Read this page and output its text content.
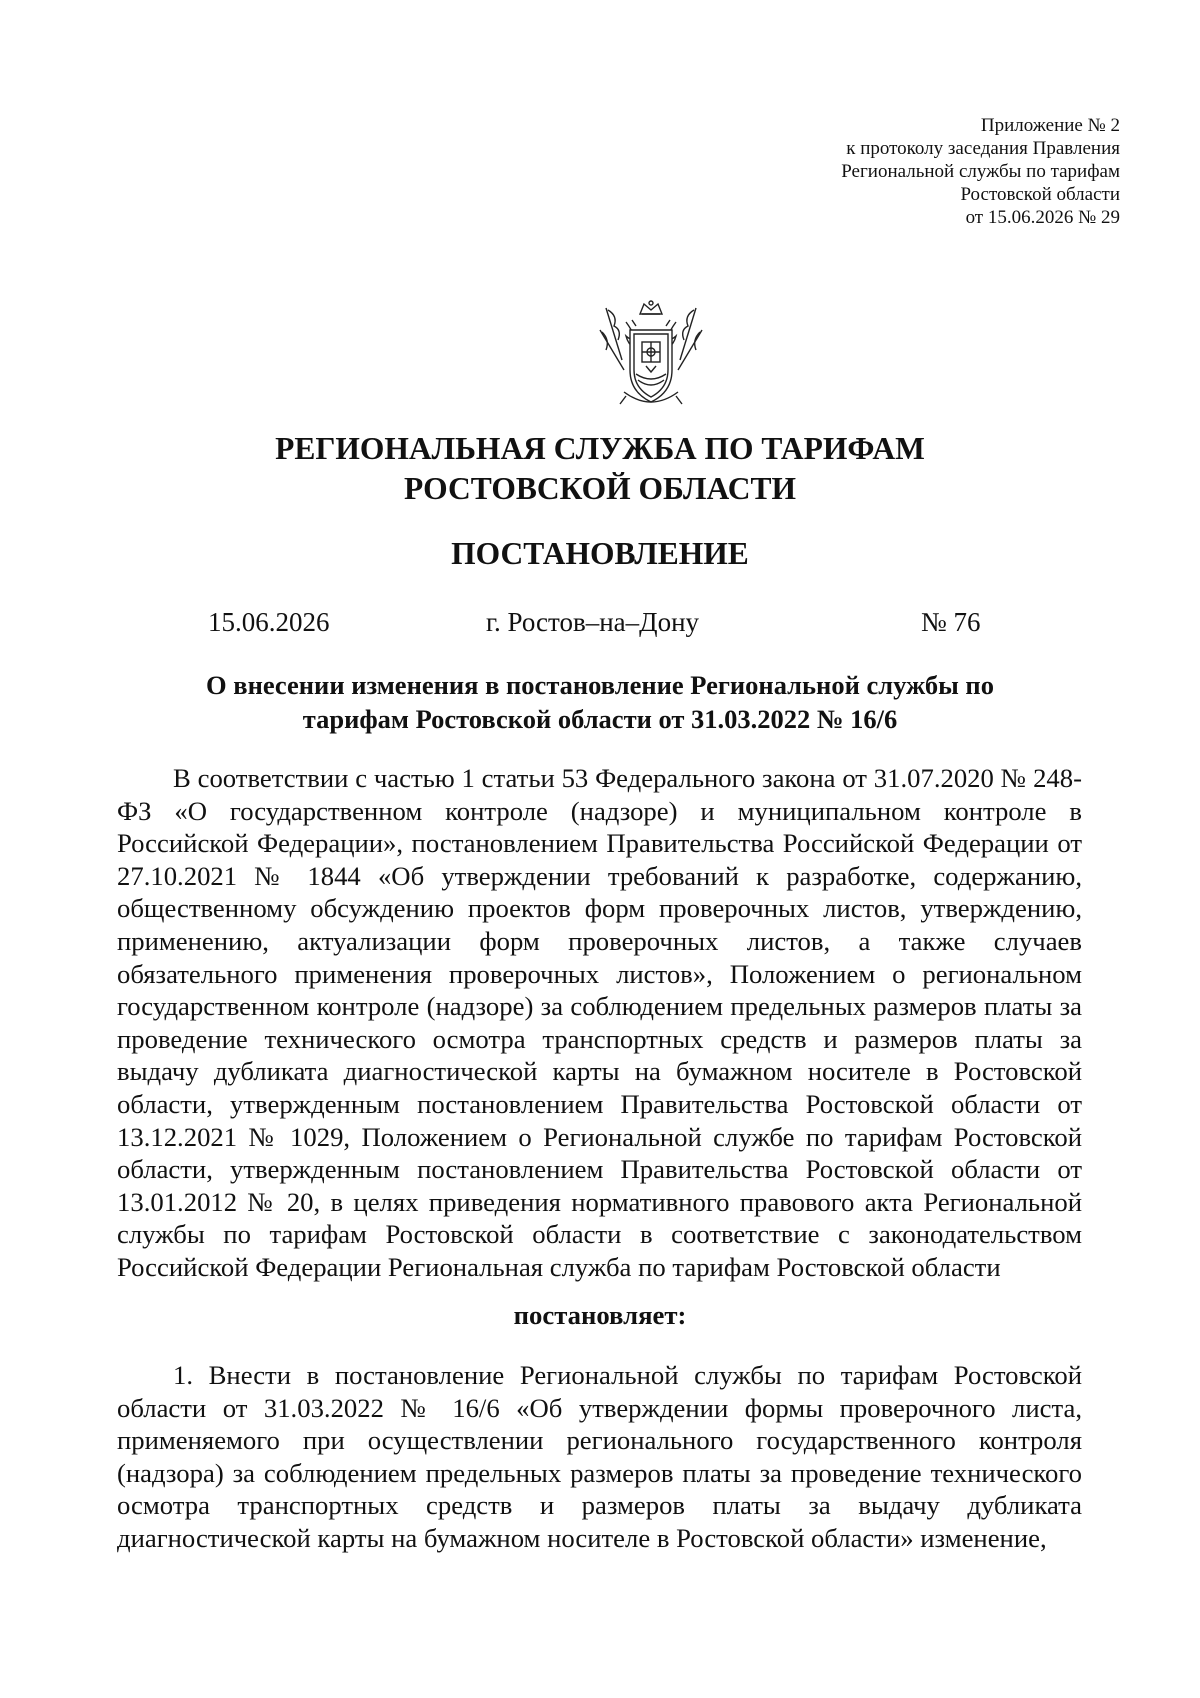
Приложение № 2
к протоколу заседания Правления
Региональной службы по тарифам
Ростовской области
от 15.06.2026 № 29
РЕГИОНАЛЬНАЯ СЛУЖБА ПО ТАРИФАМ
РОСТОВСКОЙ ОБЛАСТИ
ПОСТАНОВЛЕНИЕ
15.06.2026	г. Ростов–на–Дону	№ 76
О внесении изменения в постановление Региональной службы по
тарифам Ростовской области от 31.03.2022 № 16/6
В соответствии с частью 1 статьи 53 Федерального закона от 31.07.2020 № 248-ФЗ «О государственном контроле (надзоре) и муниципальном контроле в Российской Федерации», постановлением Правительства Российской Федерации от 27.10.2021 № 1844 «Об утверждении требований к разработке, содержанию, общественному обсуждению проектов форм проверочных листов, утверждению, применению, актуализации форм проверочных листов, а также случаев обязательного применения проверочных листов», Положением о региональном государственном контроле (надзоре) за соблюдением предельных размеров платы за проведение технического осмотра транспортных средств и размеров платы за выдачу дубликата диагностической карты на бумажном носителе в Ростовской области, утвержденным постановлением Правительства Ростовской области от 13.12.2021 № 1029, Положением о Региональной службе по тарифам Ростовской области, утвержденным постановлением Правительства Ростовской области от 13.01.2012 № 20, в целях приведения нормативного правового акта Региональной службы по тарифам Ростовской области в соответствие с законодательством Российской Федерации Региональная служба по тарифам Ростовской области
постановляет:
1. Внести в постановление Региональной службы по тарифам Ростовской области от 31.03.2022 № 16/6 «Об утверждении формы проверочного листа, применяемого при осуществлении регионального государственного контроля (надзора) за соблюдением предельных размеров платы за проведение технического осмотра транспортных средств и размеров платы за выдачу дубликата диагностической карты на бумажном носителе в Ростовской области» изменение,
